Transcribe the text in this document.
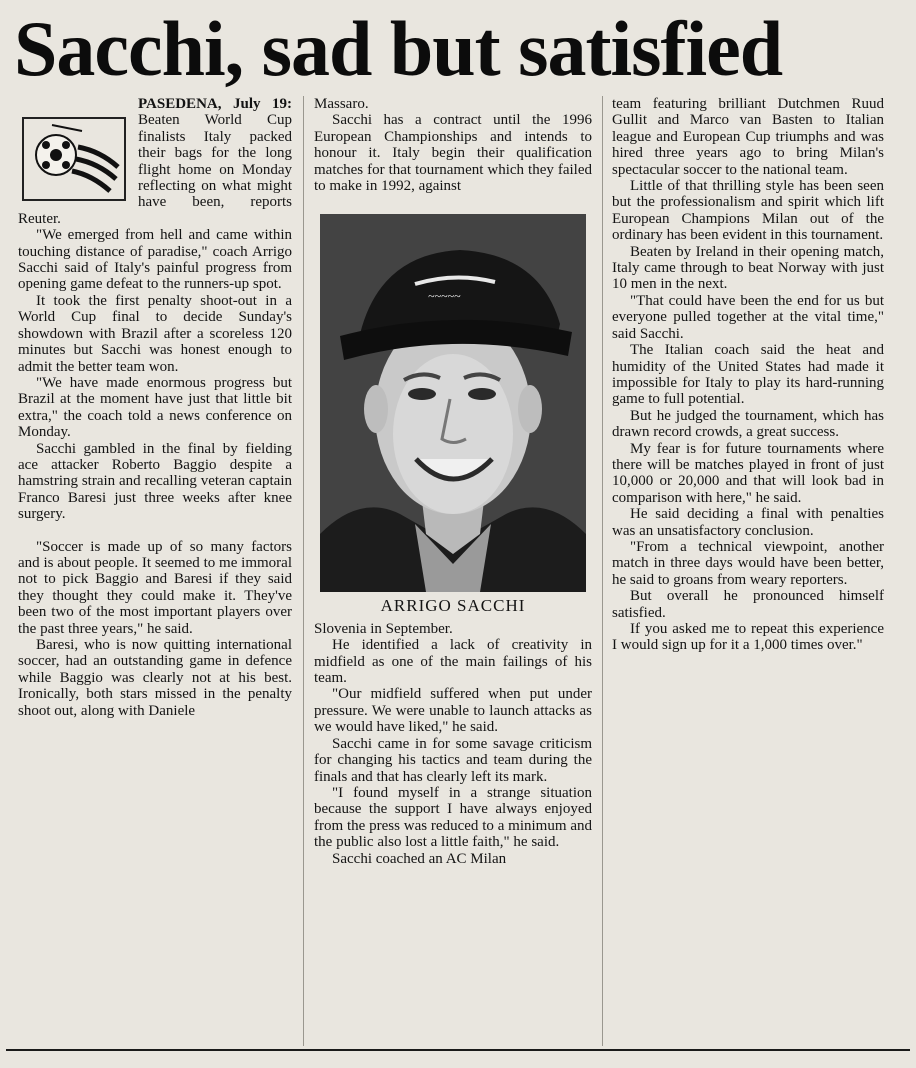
Sacchi, sad but satisfied

PASEDENA, July 19: Beaten World Cup finalists Italy packed their bags for the long flight home on Monday reflecting on what might have been, reports Reuter.

"We emerged from hell and came within touching distance of paradise," coach Arrigo Sacchi said of Italy's painful progress from opening game defeat to the runners-up spot.

It took the first penalty shoot-out in a World Cup final to decide Sunday's showdown with Brazil after a scoreless 120 minutes but Sacchi was honest enough to admit the better team won.

"We have made enormous progress but Brazil at the moment have just that little bit extra," the coach told a news conference on Monday.

Sacchi gambled in the final by fielding ace attacker Roberto Baggio despite a hamstring strain and recalling veteran captain Franco Baresi just three weeks after knee surgery.

"Soccer is made up of so many factors and is about people. It seemed to me immoral not to pick Baggio and Baresi if they said they thought they could make it. They've been two of the most important players over the past three years," he said.

Baresi, who is now quitting international soccer, had an outstanding game in defence while Baggio was clearly not at his best. Ironically, both stars missed in the penalty shoot out, along with Daniele

Massaro.

Sacchi has a contract until the 1996 European Championships and intends to honour it. Italy begin their qualification matches for that tournament which they failed to make in 1992, against

~~~~~
ARRIGO SACCHI

Slovenia in September.

He identified a lack of creativity in midfield as one of the main failings of his team.

"Our midfield suffered when put under pressure. We were unable to launch attacks as we would have liked," he said.

Sacchi came in for some savage criticism for changing his tactics and team during the finals and that has clearly left its mark.

"I found myself in a strange situation because the support I have always enjoyed from the press was reduced to a minimum and the public also lost a little faith," he said.

Sacchi coached an AC Milan

team featuring brilliant Dutchmen Ruud Gullit and Marco van Basten to Italian league and European Cup triumphs and was hired three years ago to bring Milan's spectacular soccer to the national team.

Little of that thrilling style has been seen but the professionalism and spirit which lift European Champions Milan out of the ordinary has been evident in this tournament.

Beaten by Ireland in their opening match, Italy came through to beat Norway with just 10 men in the next.

"That could have been the end for us but everyone pulled together at the vital time," said Sacchi.

The Italian coach said the heat and humidity of the United States had made it impossible for Italy to play its hard-running game to full potential.

But he judged the tournament, which has drawn record crowds, a great success.

My fear is for future tournaments where there will be matches played in front of just 10,000 or 20,000 and that will look bad in comparison with here," he said.

He said deciding a final with penalties was an unsatisfactory conclusion.

"From a technical viewpoint, another match in three days would have been better, he said to groans from weary reporters.

But overall he pronounced himself satisfied.

If you asked me to repeat this experience I would sign up for it a 1,000 times over."
